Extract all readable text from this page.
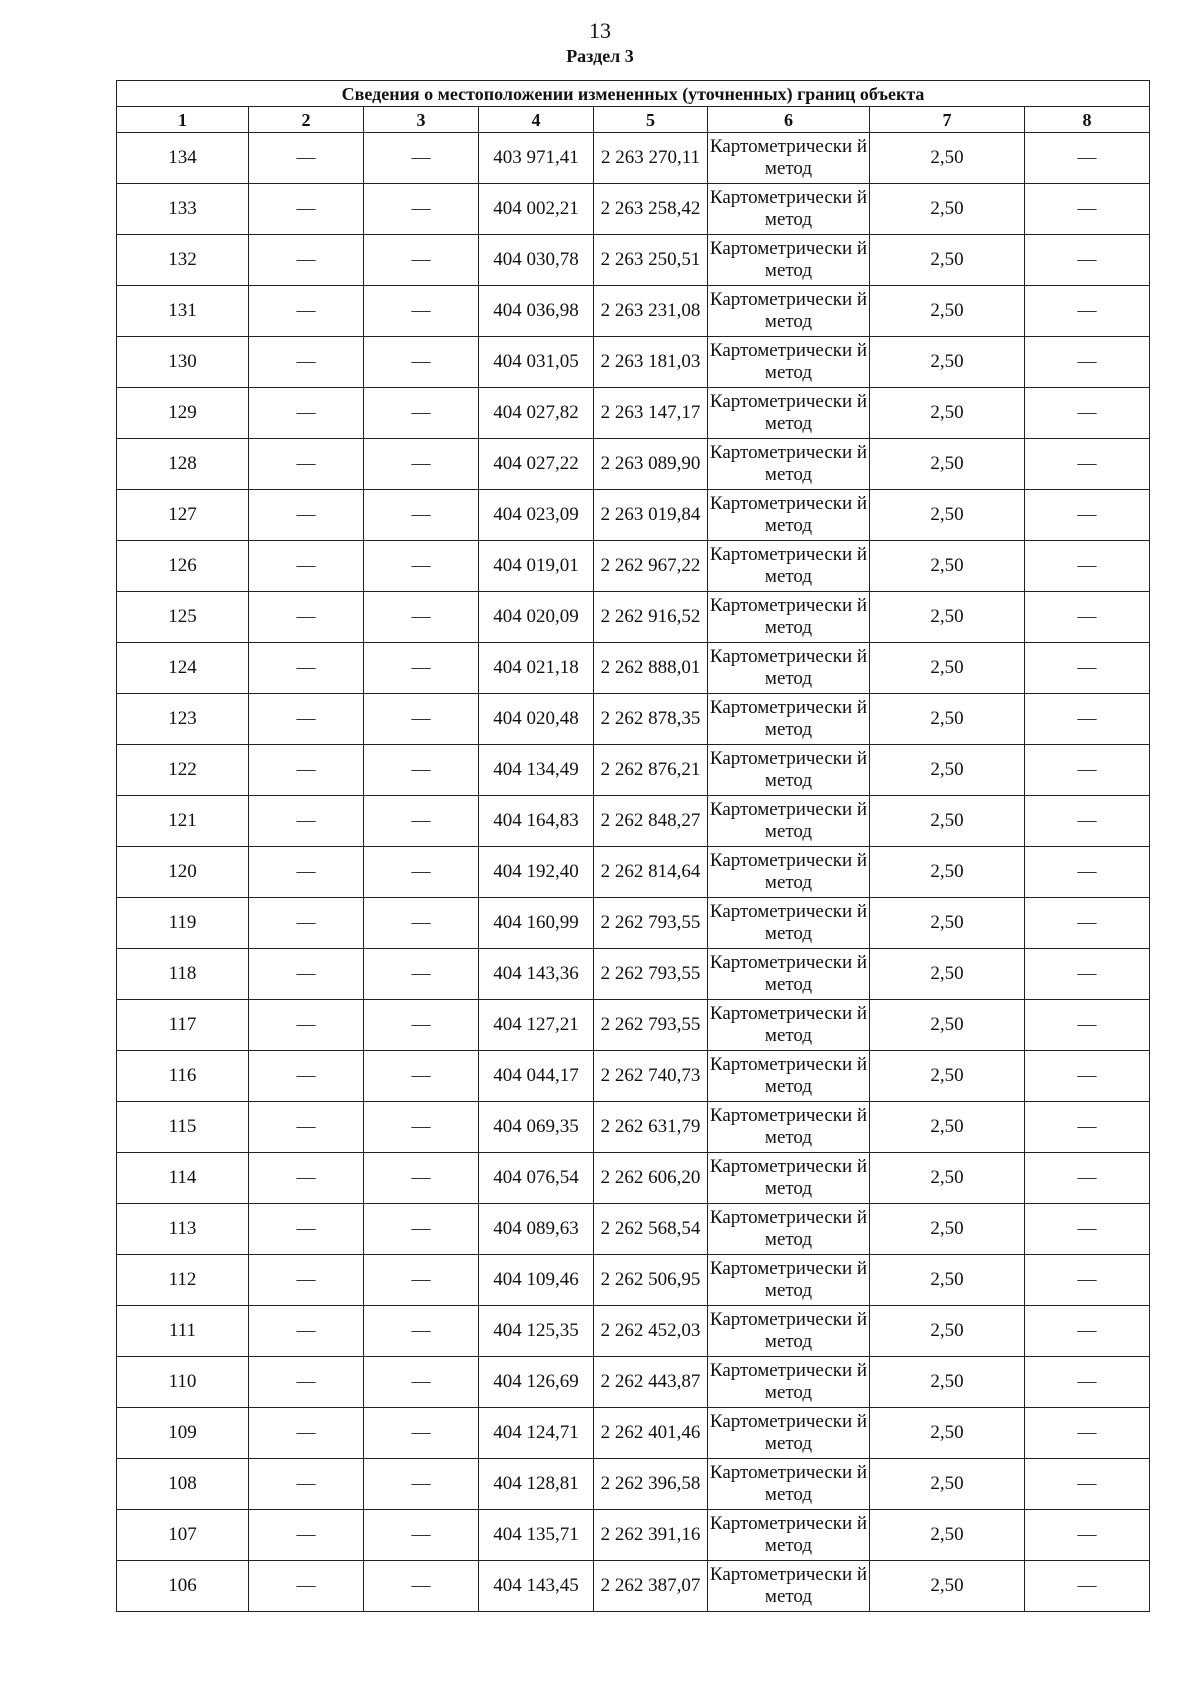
13
Раздел 3
Сведения о местоположении измененных (уточненных) границ объекта							
1	2	3	4	5	6	7	8
134	—	—	403 971,41	2 263 270,11	Картометрически й метод	2,50	—
133	—	—	404 002,21	2 263 258,42	Картометрически й метод	2,50	—
132	—	—	404 030,78	2 263 250,51	Картометрически й метод	2,50	—
131	—	—	404 036,98	2 263 231,08	Картометрически й метод	2,50	—
130	—	—	404 031,05	2 263 181,03	Картометрически й метод	2,50	—
129	—	—	404 027,82	2 263 147,17	Картометрически й метод	2,50	—
128	—	—	404 027,22	2 263 089,90	Картометрически й метод	2,50	—
127	—	—	404 023,09	2 263 019,84	Картометрически й метод	2,50	—
126	—	—	404 019,01	2 262 967,22	Картометрически й метод	2,50	—
125	—	—	404 020,09	2 262 916,52	Картометрически й метод	2,50	—
124	—	—	404 021,18	2 262 888,01	Картометрически й метод	2,50	—
123	—	—	404 020,48	2 262 878,35	Картометрически й метод	2,50	—
122	—	—	404 134,49	2 262 876,21	Картометрически й метод	2,50	—
121	—	—	404 164,83	2 262 848,27	Картометрически й метод	2,50	—
120	—	—	404 192,40	2 262 814,64	Картометрически й метод	2,50	—
119	—	—	404 160,99	2 262 793,55	Картометрически й метод	2,50	—
118	—	—	404 143,36	2 262 793,55	Картометрически й метод	2,50	—
117	—	—	404 127,21	2 262 793,55	Картометрически й метод	2,50	—
116	—	—	404 044,17	2 262 740,73	Картометрически й метод	2,50	—
115	—	—	404 069,35	2 262 631,79	Картометрически й метод	2,50	—
114	—	—	404 076,54	2 262 606,20	Картометрически й метод	2,50	—
113	—	—	404 089,63	2 262 568,54	Картометрически й метод	2,50	—
112	—	—	404 109,46	2 262 506,95	Картометрически й метод	2,50	—
111	—	—	404 125,35	2 262 452,03	Картометрически й метод	2,50	—
110	—	—	404 126,69	2 262 443,87	Картометрически й метод	2,50	—
109	—	—	404 124,71	2 262 401,46	Картометрически й метод	2,50	—
108	—	—	404 128,81	2 262 396,58	Картометрически й метод	2,50	—
107	—	—	404 135,71	2 262 391,16	Картометрически й метод	2,50	—
106	—	—	404 143,45	2 262 387,07	Картометрически й метод	2,50	—
